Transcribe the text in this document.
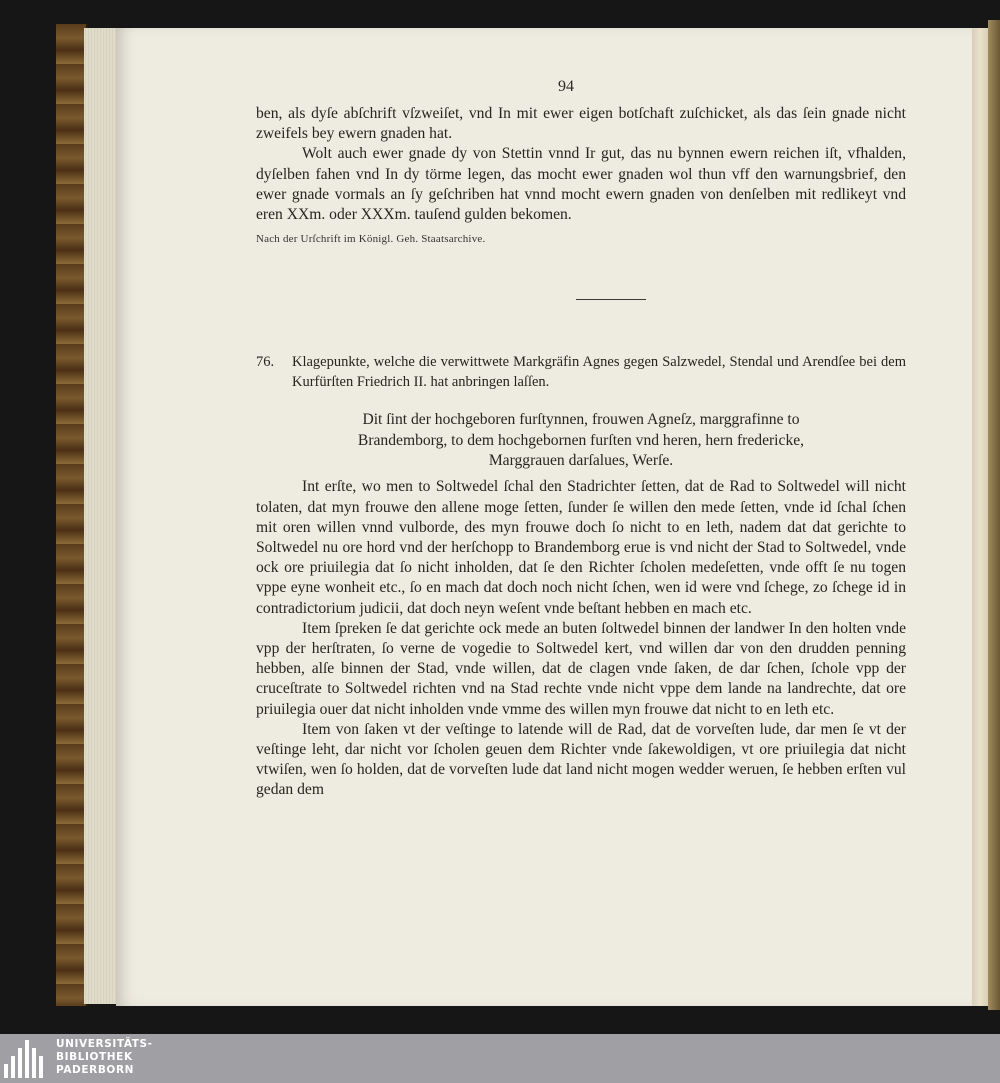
94

ben, als dyſe abſchrift vſzweiſet, vnd In mit ewer eigen botſchaft zuſchicket, als das ſein gnade nicht zweifels bey ewern gnaden hat.

Wolt auch ewer gnade dy von Stettin vnnd Ir gut, das nu bynnen ewern reichen iſt, vfhalden, dyſelben fahen vnd In dy törme legen, das mocht ewer gnaden wol thun vff den warnungsbrief, den ewer gnade vormals an ſy geſchriben hat vnnd mocht ewern gnaden von denſelben mit redlikeyt vnd eren XXm. oder XXXm. tauſend gulden bekomen.

Nach der Urſchrift im Königl. Geh. Staatsarchive.

76.	Klagepunkte, welche die verwittwete Markgräfin Agnes gegen Salzwedel, Stendal und Arendſee bei dem Kurfürſten Friedrich II. hat anbringen laſſen.

Dit ſint der hochgeboren furſtynnen, frouwen Agneſz, marggrafinne to
Brandemborg, to dem hochgebornen furſten vnd heren, hern fredericke,
Marggrauen darſalues, Werſe.

Int erſte, wo men to Soltwedel ſchal den Stadrichter ſetten, dat de Rad to Soltwedel will nicht tolaten, dat myn frouwe den allene moge ſetten, ſunder ſe willen den mede ſetten, vnde id ſchal ſchen mit oren willen vnnd vulborde, des myn frouwe doch ſo nicht to en leth, nadem dat dat gerichte to Soltwedel nu ore hord vnd der herſchopp to Brandemborg erue is vnd nicht der Stad to Soltwedel, vnde ock ore priuilegia dat ſo nicht inholden, dat ſe den Richter ſcholen medeſetten, vnde offt ſe nu togen vppe eyne wonheit etc., ſo en mach dat doch noch nicht ſchen, wen id were vnd ſchege, zo ſchege id in contradictorium judicii, dat doch neyn weſent vnde beſtant hebben en mach etc.

Item ſpreken ſe dat gerichte ock mede an buten ſoltwedel binnen der landwer In den holten vnde vpp der herſtraten, ſo verne de vogedie to Soltwedel kert, vnd willen dar von den drudden penning hebben, alſe binnen der Stad, vnde willen, dat de clagen vnde ſaken, de dar ſchen, ſchole vpp der cruceſtrate to Soltwedel richten vnd na Stad rechte vnde nicht vppe dem lande na landrechte, dat ore priuilegia ouer dat nicht inholden vnde vmme des willen myn frouwe dat nicht to en leth etc.

Item von ſaken vt der veſtinge to latende will de Rad, dat de vorveſten lude, dar men ſe vt der veſtinge leht, dar nicht vor ſcholen geuen dem Richter vnde ſakewoldigen, vt ore priuilegia dat nicht vtwiſen, wen ſo holden, dat de vorveſten lude dat land nicht mogen wedder weruen, ſe hebben erſten vul gedan dem

UNIVERSITÄTS-
BIBLIOTHEK
PADERBORN
